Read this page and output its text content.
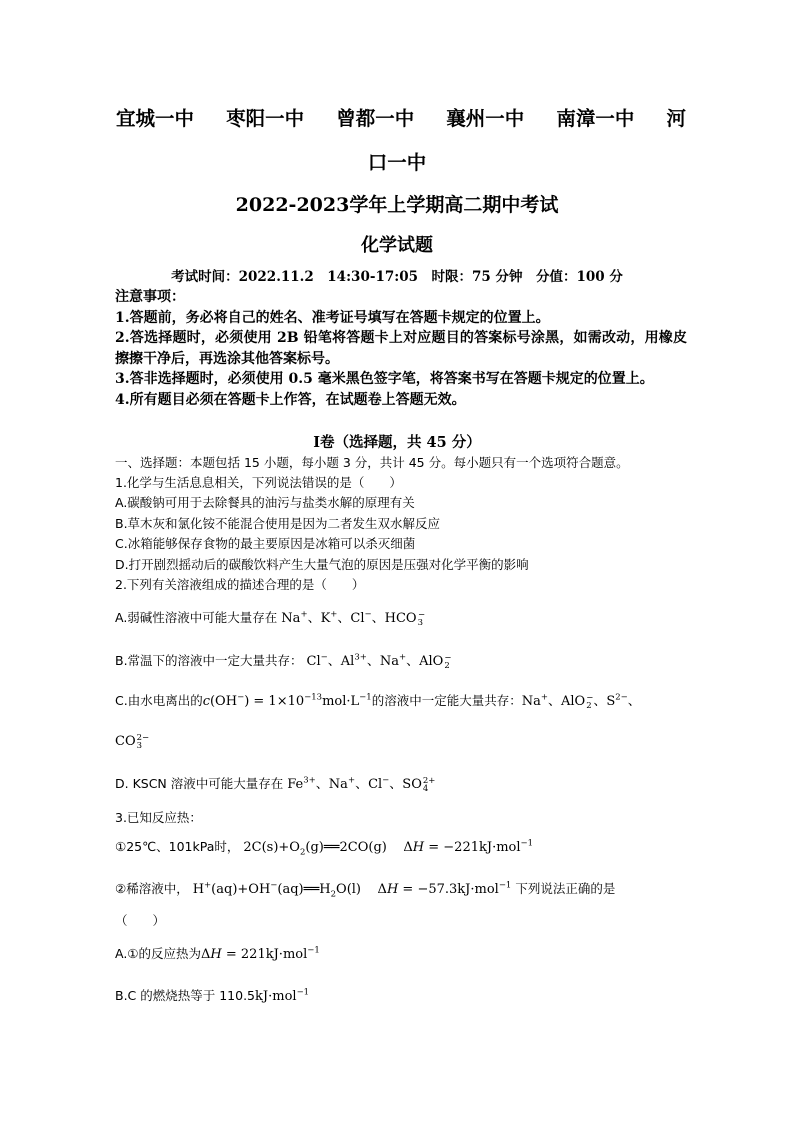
宜城一中 枣阳一中 曾都一中 襄州一中 南漳一中 河
口一中
2022-2023学年上学期高二期中考试
化学试题
考试时间：2022.11.2　14:30-17:05　时限：75 分钟　分值：100 分

注意事项：

1.答题前，务必将自己的姓名、准考证号填写在答题卡规定的位置上。

2.答选择题时，必须使用 2B 铅笔将答题卡上对应题目的答案标号涂黑，如需改动，用橡皮擦擦干净后，再选涂其他答案标号。

3.答非选择题时，必须使用 0.5 毫米黑色签字笔，将答案书写在答题卡规定的位置上。

4.所有题目必须在答题卡上作答，在试题卷上答题无效。

Ⅰ卷（选择题，共 45 分）
一、选择题：本题包括 15 小题，每小题 3 分，共计 45 分。每小题只有一个选项符合题意。
1.化学与生活息息相关，下列说法错误的是（　　）
A.碳酸钠可用于去除餐具的油污与盐类水解的原理有关
B.草木灰和氯化铵不能混合使用是因为二者发生双水解反应
C.冰箱能够保存食物的最主要原因是冰箱可以杀灭细菌
D.打开剧烈摇动后的碳酸饮料产生大量气泡的原因是压强对化学平衡的影响
2.下列有关溶液组成的描述合理的是（　　）
A.弱碱性溶液中可能大量存在 Na+、K+、Cl−、HCO
3−
B.常温下的溶液中一定大量共存： Cl−、$Al^{3+}$、Na+、AlO−
2
C.由水电离出的$c(OH^-) = 1\times 10^{-13}mol\cdot L^{-1}$的溶液中一定能大量共存：Na+、AlO−
2 、$S^{2-}$、
CO2−
3
D. KSCN 溶液中可能大量存在 $Fe^{3+}$、Na+、Cl−、SO2+
4
3.已知反应热：
①25℃、101kPa时， $2C(s)+O_2(g)══2CO(g)$    ΔH = −221kJ·mol$^{-1}$
②稀溶液中， $H^+(aq)+OH^-(aq)══H_2O(l)$    ΔH = −57.3kJ·mol$^{-1}$ 下列说法正确的是
（　　）
A.①的反应热为ΔH = 221kJ·mol$^{-1}$
B.C 的燃烧热等于 110.5kJ·mol$^{-1}$
